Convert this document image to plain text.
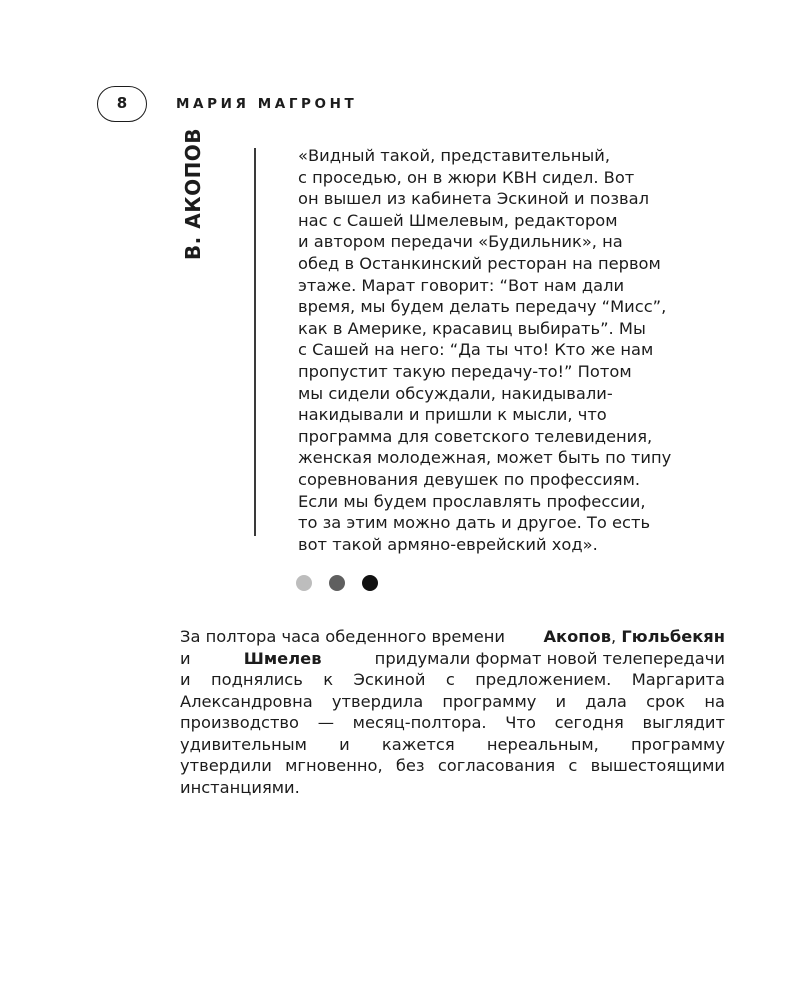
8	МАРИЯ МАГРОНТ
В. АКОПОВ	«Видный такой, представительный,
с проседью, он в жюри КВН сидел. Вот
он вышел из кабинета Эскиной и позвал
нас с Сашей Шмелевым, редактором
и автором передачи «Будильник», на
обед в Останкинский ресторан на первом
этаже. Марат говорит: “Вот нам дали
время, мы будем делать передачу “Мисс”,
как в Америке, красавиц выбирать”. Мы
с Сашей на него: “Да ты что! Кто же нам
пропустит такую передачу-то!” Потом
мы сидели обсуждали, накидывали-
накидывали и пришли к мысли, что
программа для советского телевидения,
женская молодежная, может быть по типу
соревнования девушек по профессиям.
Если мы будем прославлять профессии,
то за этим можно дать и другое. То есть
вот такой армяно-еврейский ход».
За полтора часа обеденного времени Акопов, Гюльбекян
и	Шмелев	придумали формат новой телепередачи
и поднялись к Эскиной с предложением. Маргарита
Александровна утвердила программу и дала срок на
производство — месяц-полтора. Что сегодня выглядит
удивительным и кажется нереальным, программу
утвердили мгновенно, без согласования с вышестоящими
инстанциями.
